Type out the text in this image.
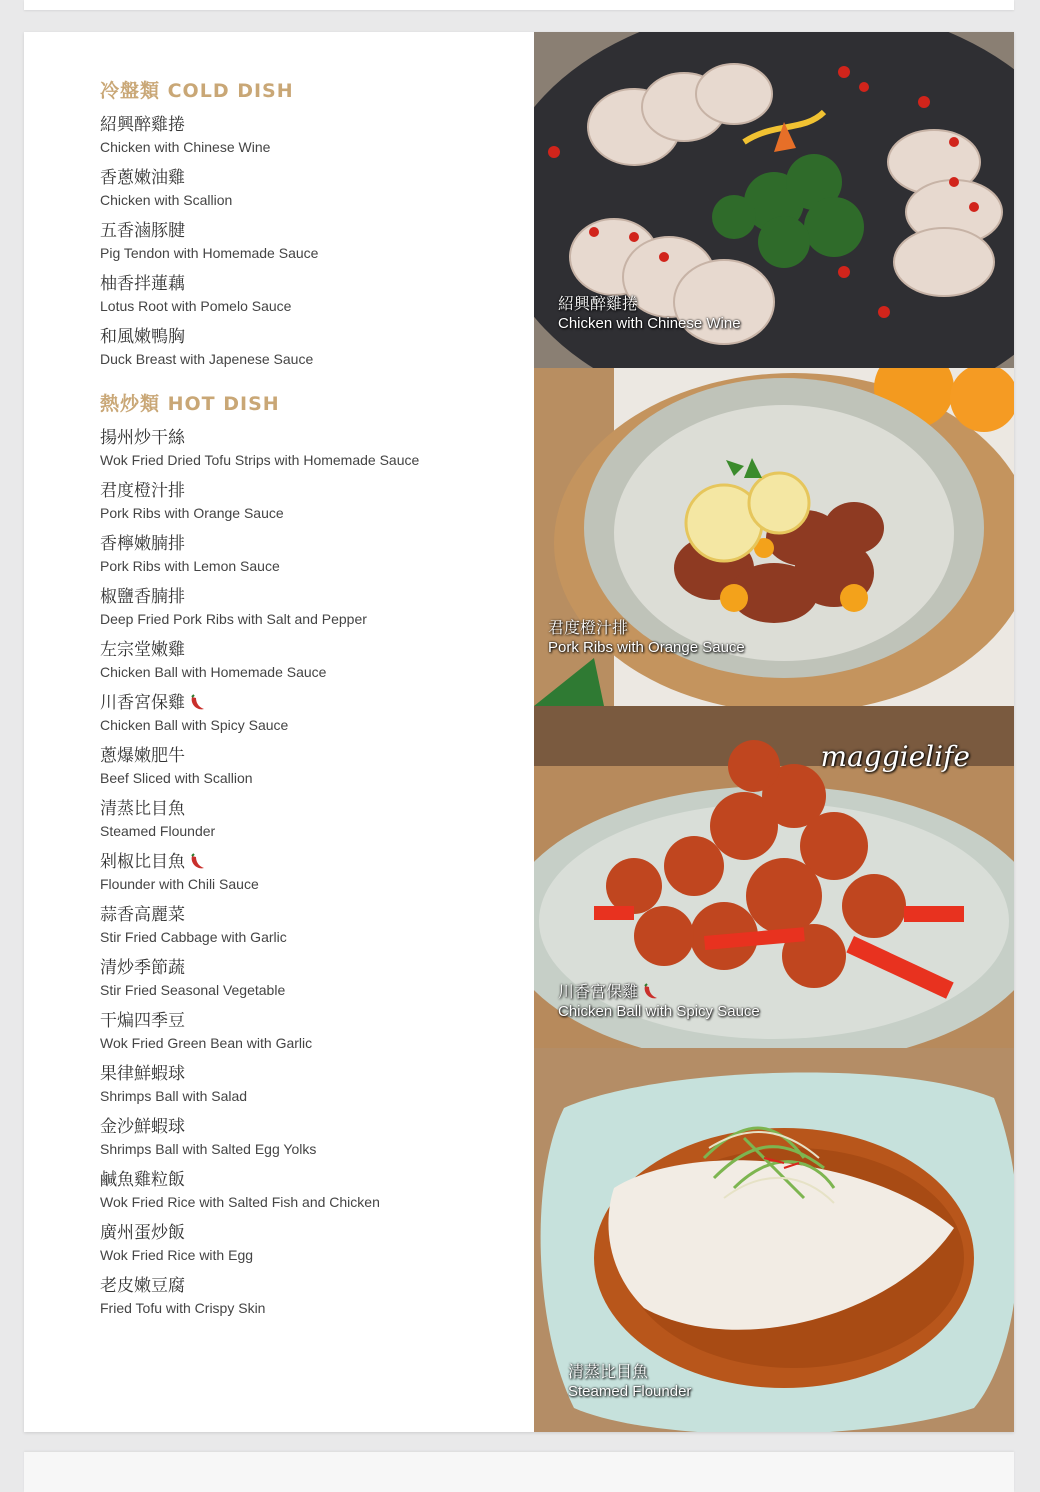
冷盤類 COLD DISH
紹興醉雞捲
Chicken with Chinese Wine
香蔥嫩油雞
Chicken with Scallion
五香滷豚腱
Pig Tendon with Homemade Sauce
柚香拌蓮藕
Lotus Root with Pomelo Sauce
和風嫩鴨胸
Duck Breast with Japenese Sauce
熱炒類 HOT DISH
揚州炒干絲
Wok Fried Dried Tofu Strips with Homemade Sauce
君度橙汁排
Pork Ribs with Orange Sauce
香檸嫩腩排
Pork Ribs with Lemon Sauce
椒鹽香腩排
Deep Fried Pork Ribs with Salt and Pepper
左宗堂嫩雞
Chicken Ball with Homemade Sauce
川香宮保雞
Chicken Ball with Spicy Sauce
蔥爆嫩肥牛
Beef Sliced with Scallion
清蒸比目魚
Steamed Flounder
剁椒比目魚
Flounder with Chili Sauce
蒜香高麗菜
Stir Fried Cabbage with Garlic
清炒季節蔬
Stir Fried Seasonal Vegetable
干煸四季豆
Wok Fried Green Bean with Garlic
果律鮮蝦球
Shrimps Ball with Salad
金沙鮮蝦球
Shrimps Ball with Salted Egg Yolks
鹹魚雞粒飯
Wok Fried Rice with Salted Fish and Chicken
廣州蛋炒飯
Wok Fried Rice with Egg
老皮嫩豆腐
Fried Tofu with Crispy Skin
紹興醉雞捲
Chicken with Chinese Wine
君度橙汁排
Pork Ribs with Orange Sauce
maggielife
川香宮保雞
Chicken Ball with Spicy Sauce
清蒸比目魚
Steamed Flounder
